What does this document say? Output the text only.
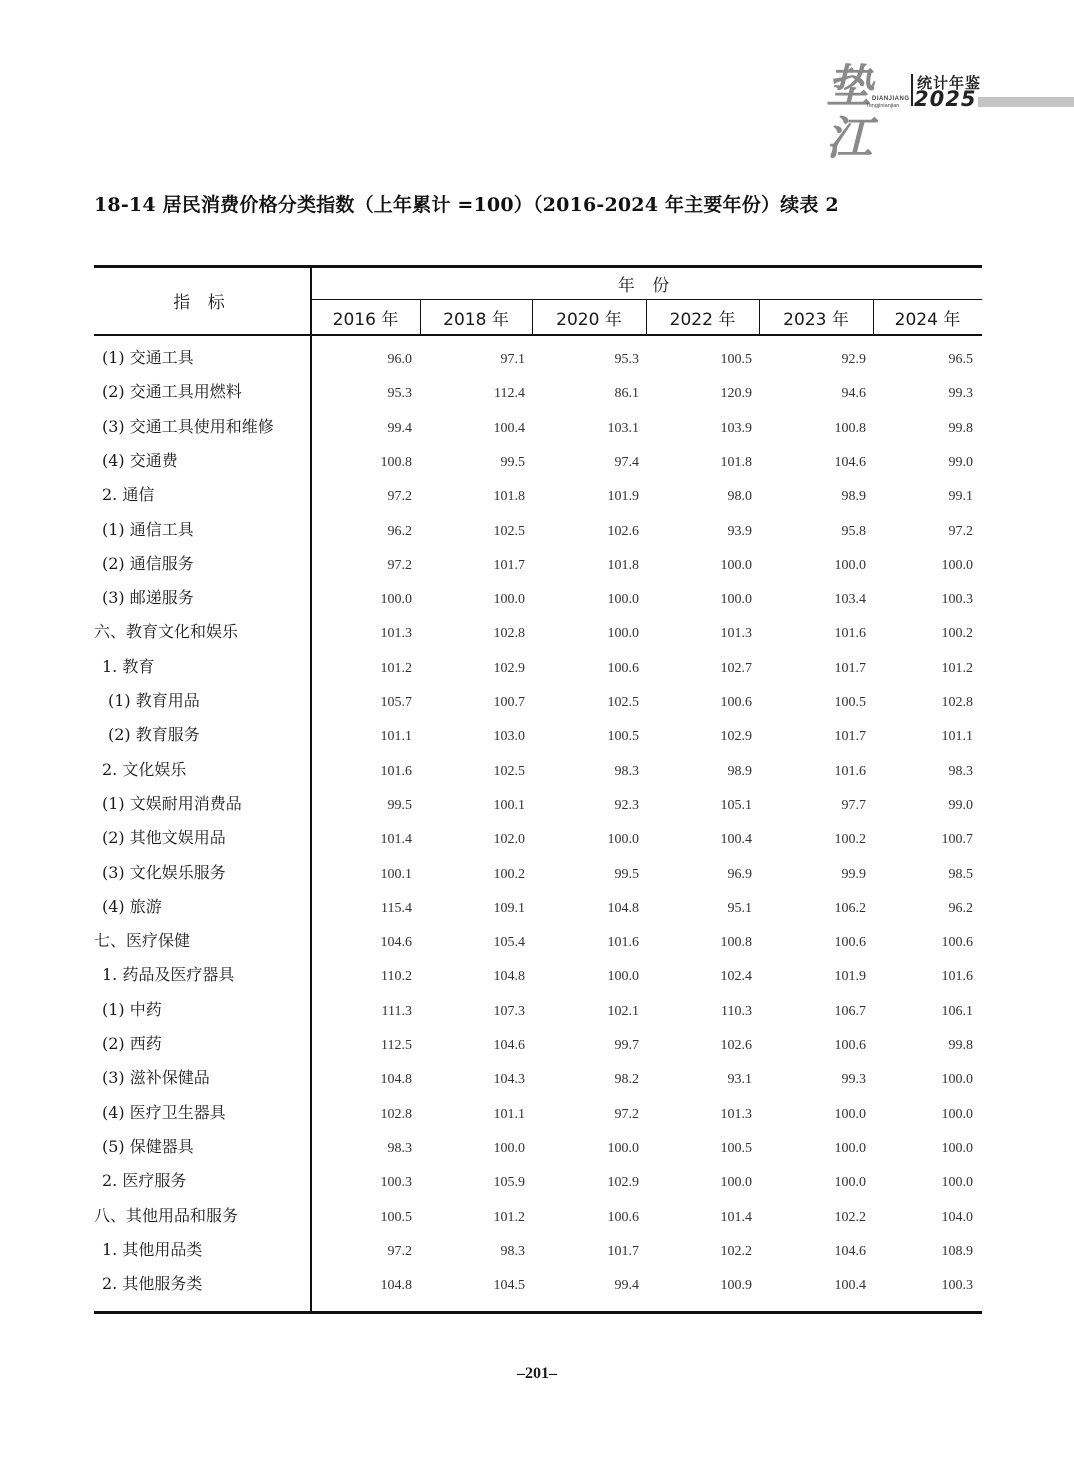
垫江
DIANJIANG
Tongjinianjian
统计年鉴
2025
18-14 居民消费价格分类指数（上年累计 =100）（2016-2024 年主要年份）续表 2
指 标
年 份
2016 年	2018 年	2020 年	2022 年	2023 年	2024 年
(1) 交通工具	96.0	97.1	95.3	100.5	92.9	96.5
(2) 交通工具用燃料	95.3	112.4	86.1	120.9	94.6	99.3
(3) 交通工具使用和维修	99.4	100.4	103.1	103.9	100.8	99.8
(4) 交通费	100.8	99.5	97.4	101.8	104.6	99.0
2. 通信	97.2	101.8	101.9	98.0	98.9	99.1
(1) 通信工具	96.2	102.5	102.6	93.9	95.8	97.2
(2) 通信服务	97.2	101.7	101.8	100.0	100.0	100.0
(3) 邮递服务	100.0	100.0	100.0	100.0	103.4	100.3
六、教育文化和娱乐	101.3	102.8	100.0	101.3	101.6	100.2
1. 教育	101.2	102.9	100.6	102.7	101.7	101.2
(1) 教育用品	105.7	100.7	102.5	100.6	100.5	102.8
(2) 教育服务	101.1	103.0	100.5	102.9	101.7	101.1
2. 文化娱乐	101.6	102.5	98.3	98.9	101.6	98.3
(1) 文娱耐用消费品	99.5	100.1	92.3	105.1	97.7	99.0
(2) 其他文娱用品	101.4	102.0	100.0	100.4	100.2	100.7
(3) 文化娱乐服务	100.1	100.2	99.5	96.9	99.9	98.5
(4) 旅游	115.4	109.1	104.8	95.1	106.2	96.2
七、医疗保健	104.6	105.4	101.6	100.8	100.6	100.6
1. 药品及医疗器具	110.2	104.8	100.0	102.4	101.9	101.6
(1) 中药	111.3	107.3	102.1	110.3	106.7	106.1
(2) 西药	112.5	104.6	99.7	102.6	100.6	99.8
(3) 滋补保健品	104.8	104.3	98.2	93.1	99.3	100.0
(4) 医疗卫生器具	102.8	101.1	97.2	101.3	100.0	100.0
(5) 保健器具	98.3	100.0	100.0	100.5	100.0	100.0
2. 医疗服务	100.3	105.9	102.9	100.0	100.0	100.0
八、其他用品和服务	100.5	101.2	100.6	101.4	102.2	104.0
1. 其他用品类	97.2	98.3	101.7	102.2	104.6	108.9
2. 其他服务类	104.8	104.5	99.4	100.9	100.4	100.3
–201–
